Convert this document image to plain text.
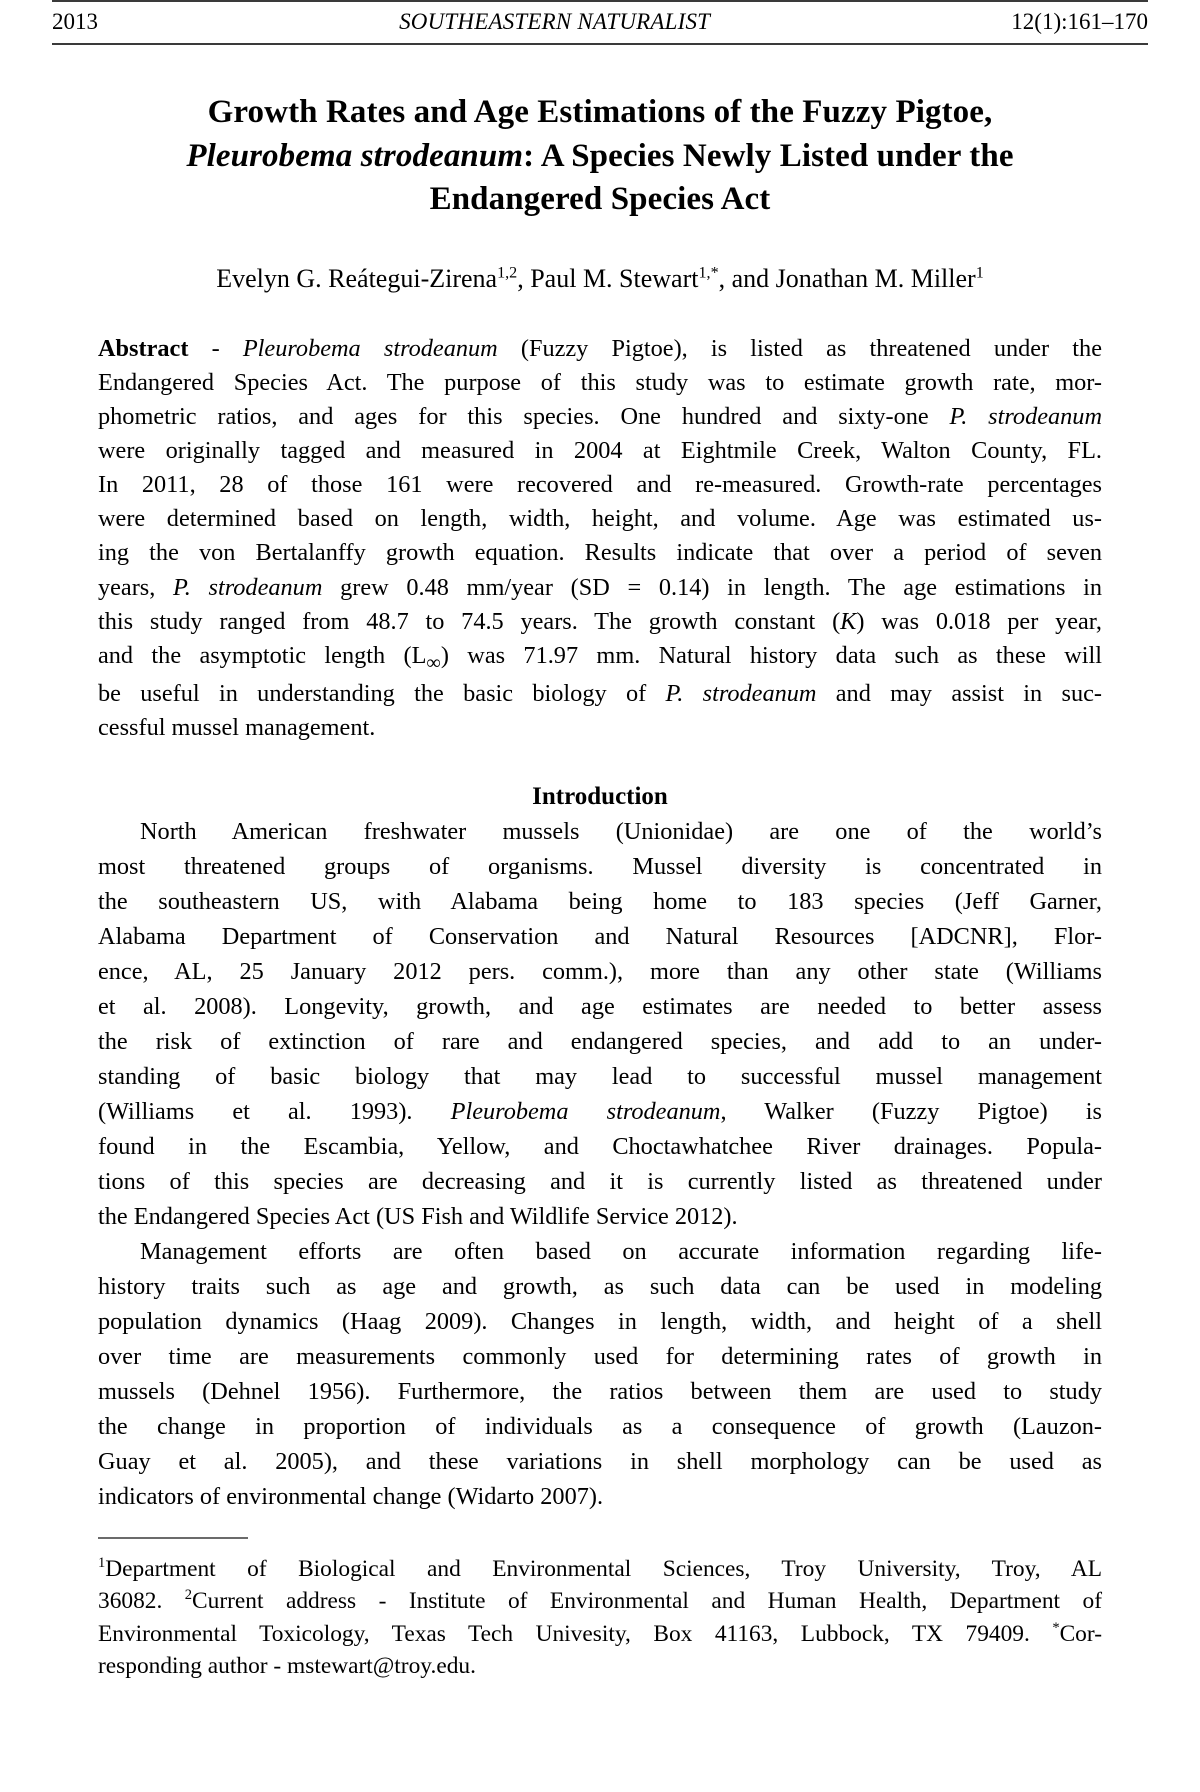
2013	SOUTHEASTERN NATURALIST	12(1):161–170
Growth Rates and Age Estimations of the Fuzzy Pigtoe,
Pleurobema strodeanum: A Species Newly Listed under the
Endangered Species Act
Evelyn G. Reátegui-Zirena$^{1,2}$, Paul M. Stewart$^{1,*}$, and Jonathan M. Miller$^1$
Abstract - Pleurobema strodeanum (Fuzzy Pigtoe), is listed as threatened under the
Endangered Species Act. The purpose of this study was to estimate growth rate, mor-
phometric ratios, and ages for this species. One hundred and sixty-one P. strodeanum
were originally tagged and measured in 2004 at Eightmile Creek, Walton County, FL.
In 2011, 28 of those 161 were recovered and re-measured. Growth-rate percentages
were determined based on length, width, height, and volume. Age was estimated us-
ing the von Bertalanffy growth equation. Results indicate that over a period of seven
years, P. strodeanum grew 0.48 mm/year (SD = 0.14) in length. The age estimations in
this study ranged from 48.7 to 74.5 years. The growth constant (K) was 0.018 per year,
and the asymptotic length $(L_\infty)$ was 71.97 mm. Natural history data such as these will
be useful in understanding the basic biology of P. strodeanum and may assist in suc-
cessful mussel management.
Introduction

North American freshwater mussels (Unionidae) are one of the world’s
most threatened groups of organisms. Mussel diversity is concentrated in
the southeastern US, with Alabama being home to 183 species (Jeff Garner,
Alabama Department of Conservation and Natural Resources [ADCNR], Flor-
ence, AL, 25 January 2012 pers. comm.), more than any other state (Williams
et al. 2008). Longevity, growth, and age estimates are needed to better assess
the risk of extinction of rare and endangered species, and add to an under-
standing of basic biology that may lead to successful mussel management
(Williams et al. 1993). Pleurobema strodeanum, Walker (Fuzzy Pigtoe) is
found in the Escambia, Yellow, and Choctawhatchee River drainages. Popula-
tions of this species are decreasing and it is currently listed as threatened under
the Endangered Species Act (US Fish and Wildlife Service 2012).

Management efforts are often based on accurate information regarding life-
history traits such as age and growth, as such data can be used in modeling
population dynamics (Haag 2009). Changes in length, width, and height of a shell
over time are measurements commonly used for determining rates of growth in
mussels (Dehnel 1956). Furthermore, the ratios between them are used to study
the change in proportion of individuals as a consequence of growth (Lauzon-
Guay et al. 2005), and these variations in shell morphology can be used as
indicators of environmental change (Widarto 2007).

$^1$Department of Biological and Environmental Sciences, Troy University, Troy, AL
36082. $^2$Current address - Institute of Environmental and Human Health, Department of
Environmental Toxicology, Texas Tech Univesity, Box 41163, Lubbock, TX 79409. *Cor-
responding author - mstewart@troy.edu.
